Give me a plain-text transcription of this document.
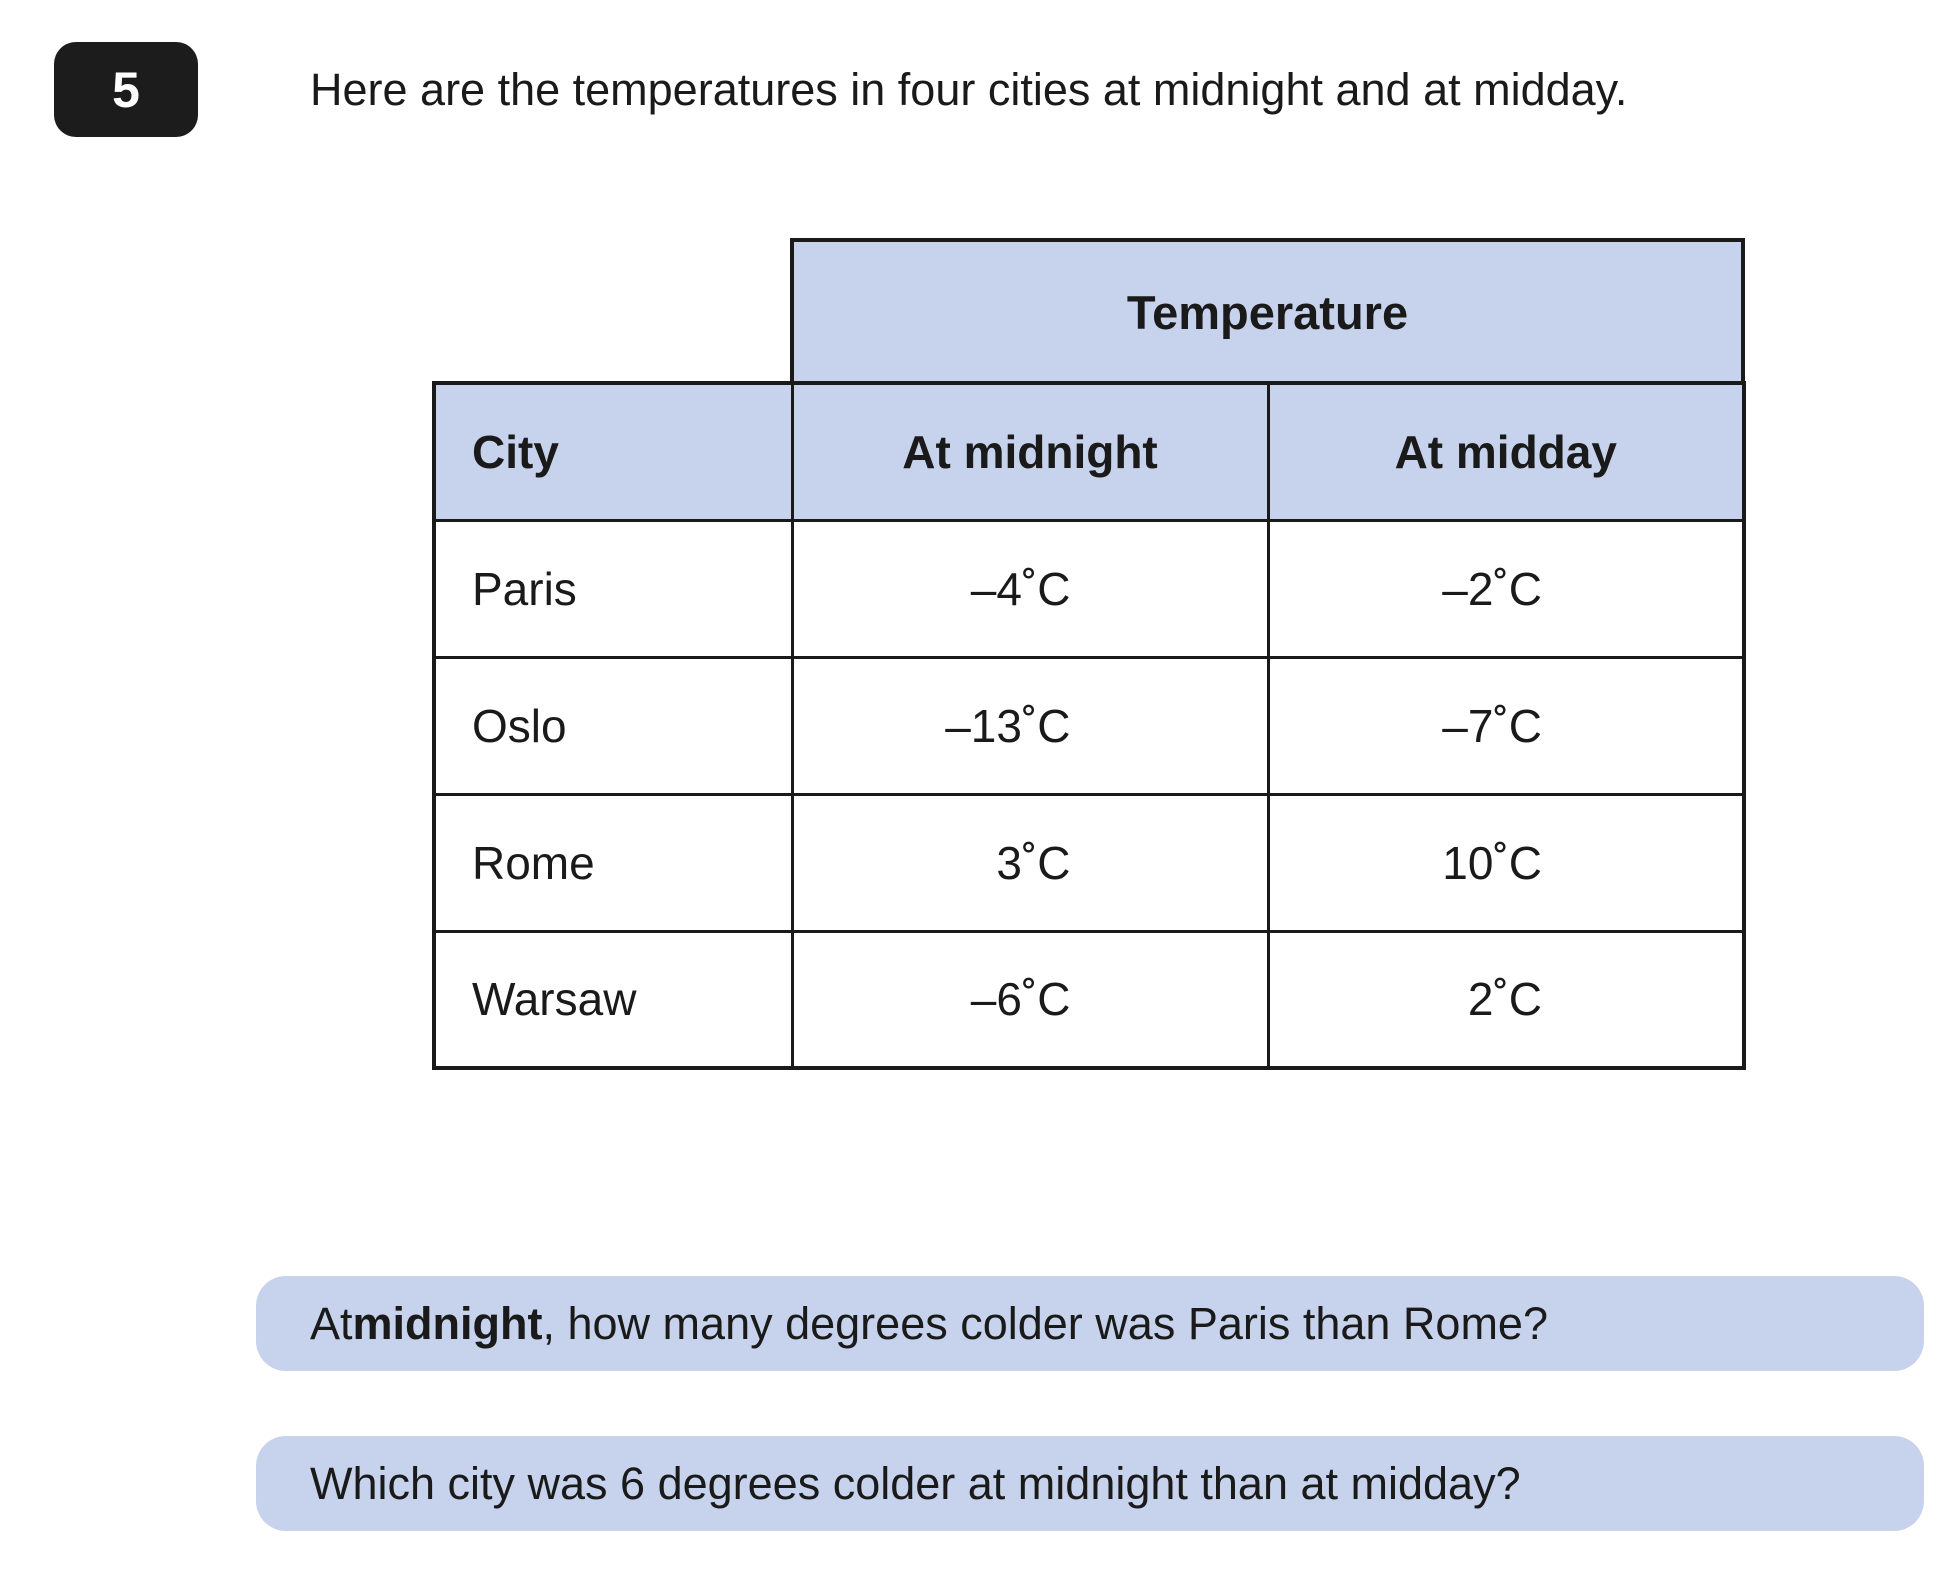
5	Here are the temperatures in four cities at midnight and at midday.
Temperature
City	At midnight	At midday
Paris	–4˚C	–2˚C
Oslo	–13˚C	–7˚C
Rome	3˚C	10˚C
Warsaw	–6˚C	2˚C
At midnight , how many degrees colder was Paris than Rome?
Which city was 6 degrees colder at midnight than at midday?
